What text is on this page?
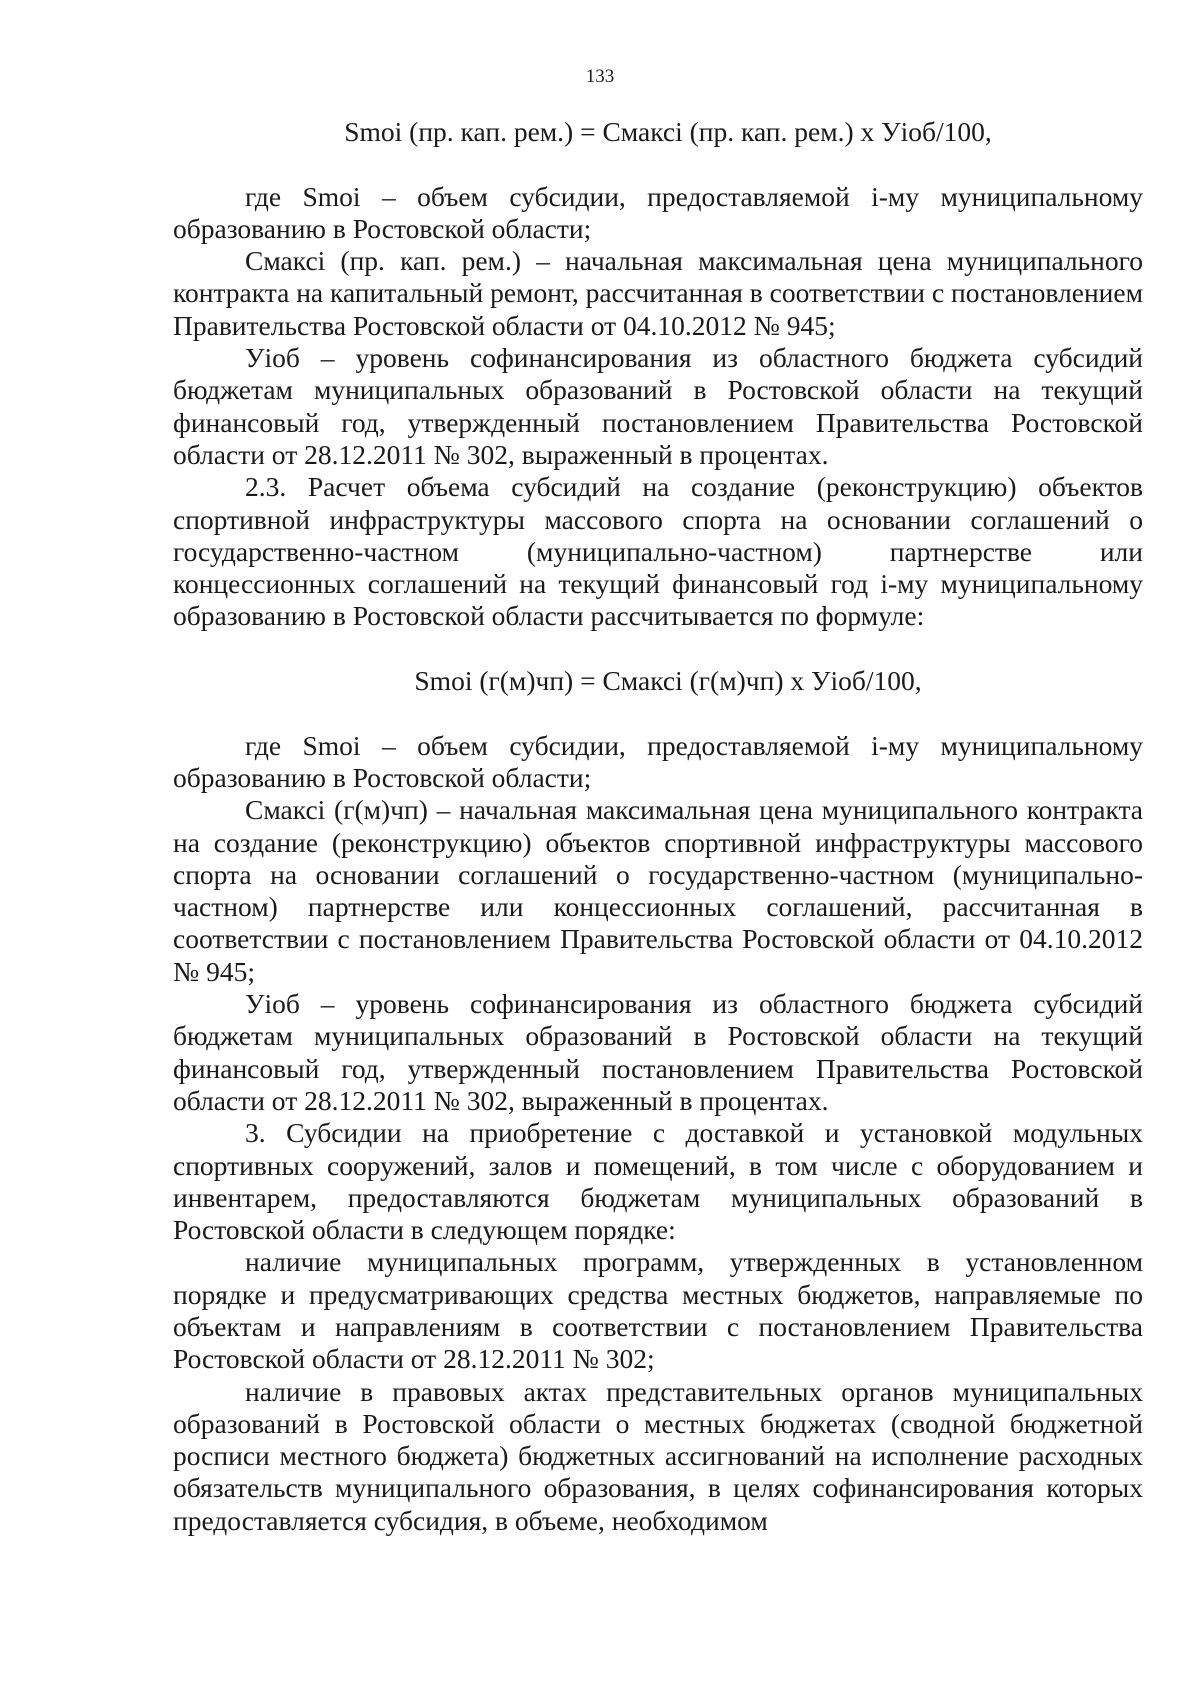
133

Smoi (пр. кап. рем.) = Смаксi (пр. кап. рем.) x Уioб/100,

где Smoi – объем субсидии, предоставляемой i-му муниципальному образованию в Ростовской области;

Смаксi (пр. кап. рем.) – начальная максимальная цена муниципального контракта на капитальный ремонт, рассчитанная в соответствии с постановлением Правительства Ростовской области от 04.10.2012 № 945;

Уioб – уровень софинансирования из областного бюджета субсидий бюджетам муниципальных образований в Ростовской области на текущий финансовый год, утвержденный постановлением Правительства Ростовской области от 28.12.2011 № 302, выраженный в процентах.

2.3. Расчет объема субсидий на создание (реконструкцию) объектов спортивной инфраструктуры массового спорта на основании соглашений о государственно-частном (муниципально-частном) партнерстве или концессионных соглашений на текущий финансовый год i-му муниципальному образованию в Ростовской области рассчитывается по формуле:

Smoi (г(м)чп) = Смаксi (г(м)чп) x Уioб/100,

где Smoi – объем субсидии, предоставляемой i-му муниципальному образованию в Ростовской области;

Смаксi (г(м)чп) – начальная максимальная цена муниципального контракта на создание (реконструкцию) объектов спортивной инфраструктуры массового спорта на основании соглашений о государственно-частном (муниципально-частном) партнерстве или концессионных соглашений, рассчитанная в соответствии с постановлением Правительства Ростовской области от 04.10.2012 № 945;

Уioб – уровень софинансирования из областного бюджета субсидий бюджетам муниципальных образований в Ростовской области на текущий финансовый год, утвержденный постановлением Правительства Ростовской области от 28.12.2011 № 302, выраженный в процентах.

3. Субсидии на приобретение с доставкой и установкой модульных спортивных сооружений, залов и помещений, в том числе с оборудованием и инвентарем, предоставляются бюджетам муниципальных образований в Ростовской области в следующем порядке:

наличие муниципальных программ, утвержденных в установленном порядке и предусматривающих средства местных бюджетов, направляемые по объектам и направлениям в соответствии с постановлением Правительства Ростовской области от 28.12.2011 № 302;

наличие в правовых актах представительных органов муниципальных образований в Ростовской области о местных бюджетах (сводной бюджетной росписи местного бюджета) бюджетных ассигнований на исполнение расходных обязательств муниципального образования, в целях софинансирования которых предоставляется субсидия, в объеме, необходимом
